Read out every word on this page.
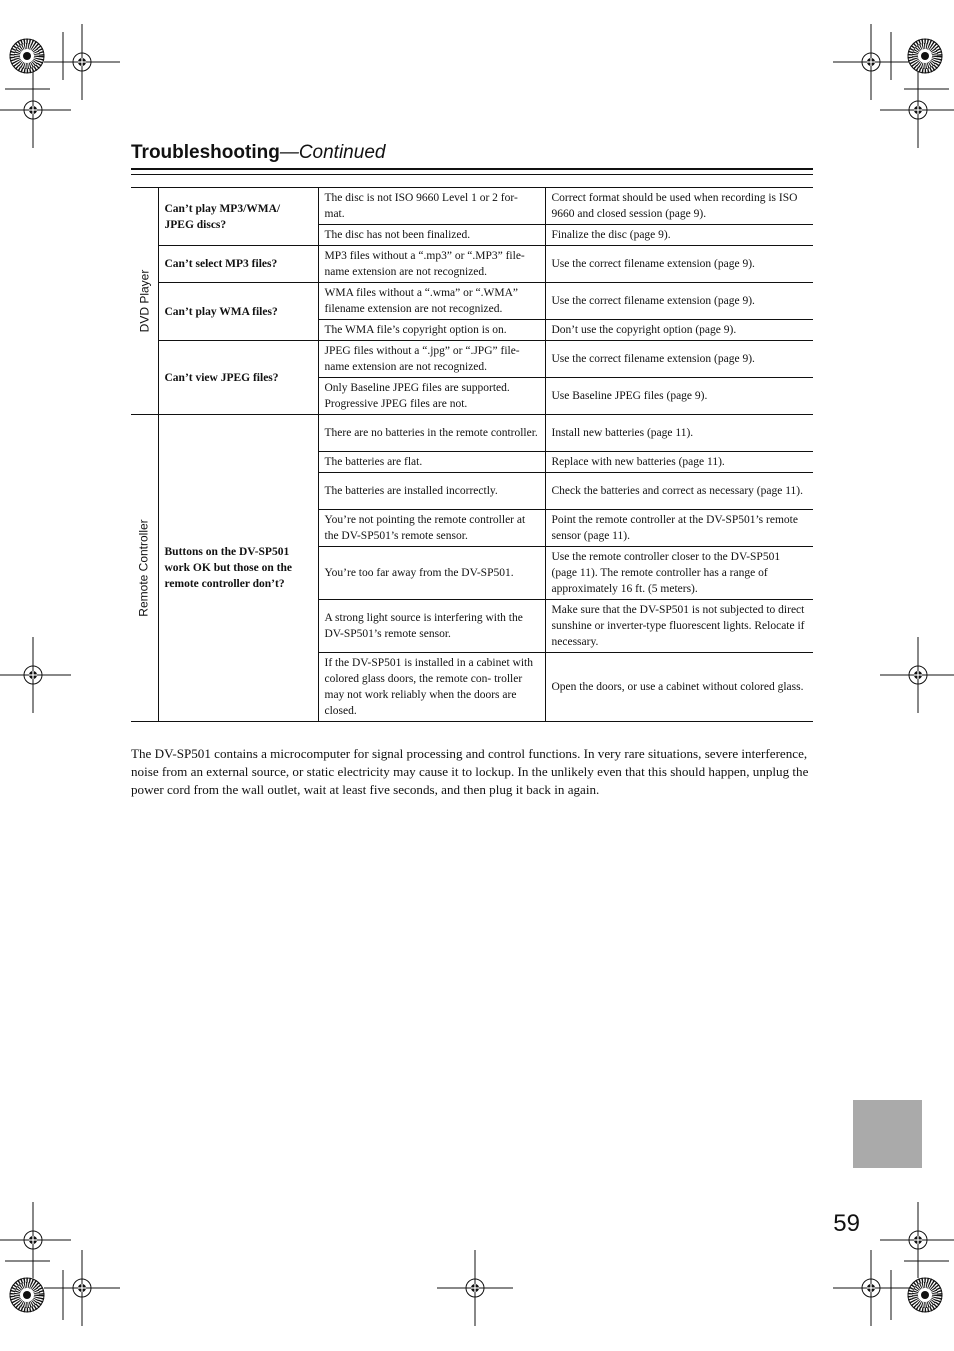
Troubleshooting—Continued
DVD Player	Can’t play MP3/WMA/ JPEG discs?	The disc is not ISO 9660 Level 1 or 2 for- mat.	Correct format should be used when recording is ISO 9660 and closed session (page 9).
		The disc has not been finalized.	Finalize the disc (page 9).
	Can’t select MP3 files?	MP3 files without a “.mp3” or “.MP3” file- name extension are not recognized.	Use the correct filename extension (page 9).
	Can’t play WMA files?	WMA files without a “.wma” or “.WMA” filename extension are not recognized.	Use the correct filename extension (page 9).
		The WMA file’s copyright option is on.	Don’t use the copyright option (page 9).
	Can’t view JPEG files?	JPEG files without a “.jpg” or “.JPG” file- name extension are not recognized.	Use the correct filename extension (page 9).
		Only Baseline JPEG files are supported. Progressive JPEG files are not.	Use Baseline JPEG files (page 9).

Remote Controller	Buttons on the DV-SP501 work OK but those on the remote controller don’t?	There are no batteries in the remote controller.	Install new batteries (page 11).
		The batteries are flat.	Replace with new batteries (page 11).
		The batteries are installed incorrectly.	Check the batteries and correct as necessary (page 11).
		You’re not pointing the remote controller at the DV-SP501’s remote sensor.	Point the remote controller at the DV-SP501’s remote sensor (page 11).
		You’re too far away from the DV-SP501.	Use the remote controller closer to the DV-SP501 (page 11). The remote controller has a range of approximately 16 ft. (5 meters).
		A strong light source is interfering with the DV-SP501’s remote sensor.	Make sure that the DV-SP501 is not subjected to direct sunshine or inverter-type fluorescent lights. Relocate if necessary.
		If the DV-SP501 is installed in a cabinet with colored glass doors, the remote con- troller may not work reliably when the doors are closed.	Open the doors, or use a cabinet without colored glass.
The DV-SP501 contains a microcomputer for signal processing and control functions. In very rare situations, severe interference, noise from an external source, or static electricity may cause it to lockup. In the unlikely even that this should happen, unplug the power cord from the wall outlet, wait at least five seconds, and then plug it back in again.
59
